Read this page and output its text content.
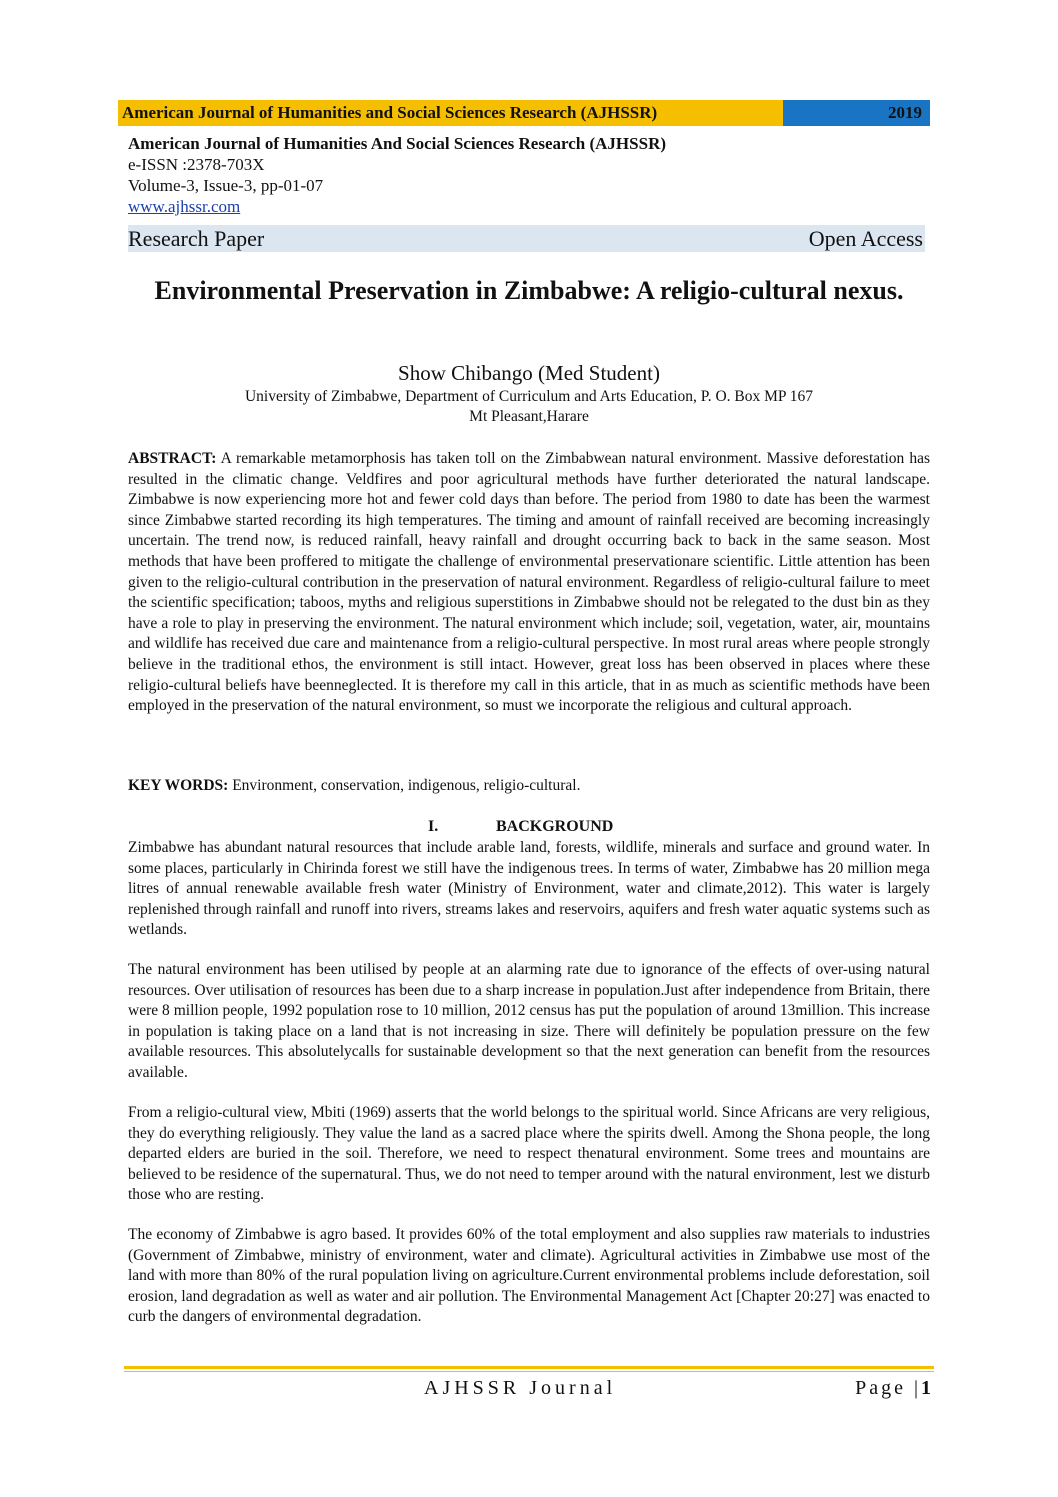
American Journal of Humanities and Social Sciences Research (AJHSSR)	2019
American Journal of Humanities And Social Sciences Research (AJHSSR)
e-ISSN :2378-703X
Volume-3, Issue-3, pp-01-07
www.ajhssr.com
Research Paper	Open Access
Environmental Preservation in Zimbabwe: A religio-cultural nexus.
Show Chibango (Med Student)
University of Zimbabwe, Department of Curriculum and Arts Education, P. O. Box MP 167
Mt Pleasant,Harare

ABSTRACT: A remarkable metamorphosis has taken toll on the Zimbabwean natural environment. Massive deforestation has resulted in the climatic change. Veldfires and poor agricultural methods have further deteriorated the natural landscape. Zimbabwe is now experiencing more hot and fewer cold days than before. The period from 1980 to date has been the warmest since Zimbabwe started recording its high temperatures. The timing and amount of rainfall received are becoming increasingly uncertain. The trend now, is reduced rainfall, heavy rainfall and drought occurring back to back in the same season. Most methods that have been proffered to mitigate the challenge of environmental preservationare scientific. Little attention has been given to the religio-cultural contribution in the preservation of natural environment. Regardless of religio-cultural failure to meet the scientific specification; taboos, myths and religious superstitions in Zimbabwe should not be relegated to the dust bin as they have a role to play in preserving the environment. The natural environment which include; soil, vegetation, water, air, mountains and wildlife has received due care and maintenance from a religio-cultural perspective. In most rural areas where people strongly believe in the traditional ethos, the environment is still intact. However, great loss has been observed in places where these religio-cultural beliefs have beenneglected. It is therefore my call in this article, that in as much as scientific methods have been employed in the preservation of the natural environment, so must we incorporate the religious and cultural approach.

KEY WORDS: Environment, conservation, indigenous, religio-cultural.

I.	BACKGROUND

Zimbabwe has abundant natural resources that include arable land, forests, wildlife, minerals and surface and ground water. In some places, particularly in Chirinda forest we still have the indigenous trees. In terms of water, Zimbabwe has 20 million mega litres of annual renewable available fresh water (Ministry of Environment, water and climate,2012). This water is largely replenished through rainfall and runoff into rivers, streams lakes and reservoirs, aquifers and fresh water aquatic systems such as wetlands.

The natural environment has been utilised by people at an alarming rate due to ignorance of the effects of over-using natural resources. Over utilisation of resources has been due to a sharp increase in population.Just after independence from Britain, there were 8 million people, 1992 population rose to 10 million, 2012 census has put the population of around 13million. This increase in population is taking place on a land that is not increasing in size. There will definitely be population pressure on the few available resources. This absolutelycalls for sustainable development so that the next generation can benefit from the resources available.

From a religio-cultural view, Mbiti (1969) asserts that the world belongs to the spiritual world. Since Africans are very religious, they do everything religiously. They value the land as a sacred place where the spirits dwell. Among the Shona people, the long departed elders are buried in the soil. Therefore, we need to respect thenatural environment. Some trees and mountains are believed to be residence of the supernatural. Thus, we do not need to temper around with the natural environment, lest we disturb those who are resting.

The economy of Zimbabwe is agro based. It provides 60% of the total employment and also supplies raw materials to industries (Government of Zimbabwe, ministry of environment, water and climate). Agricultural activities in Zimbabwe use most of the land with more than 80% of the rural population living on agriculture.Current environmental problems include deforestation, soil erosion, land degradation as well as water and air pollution. The Environmental Management Act [Chapter 20:27] was enacted to curb the dangers of environmental degradation.

AJHSSR Journal	Page |1
